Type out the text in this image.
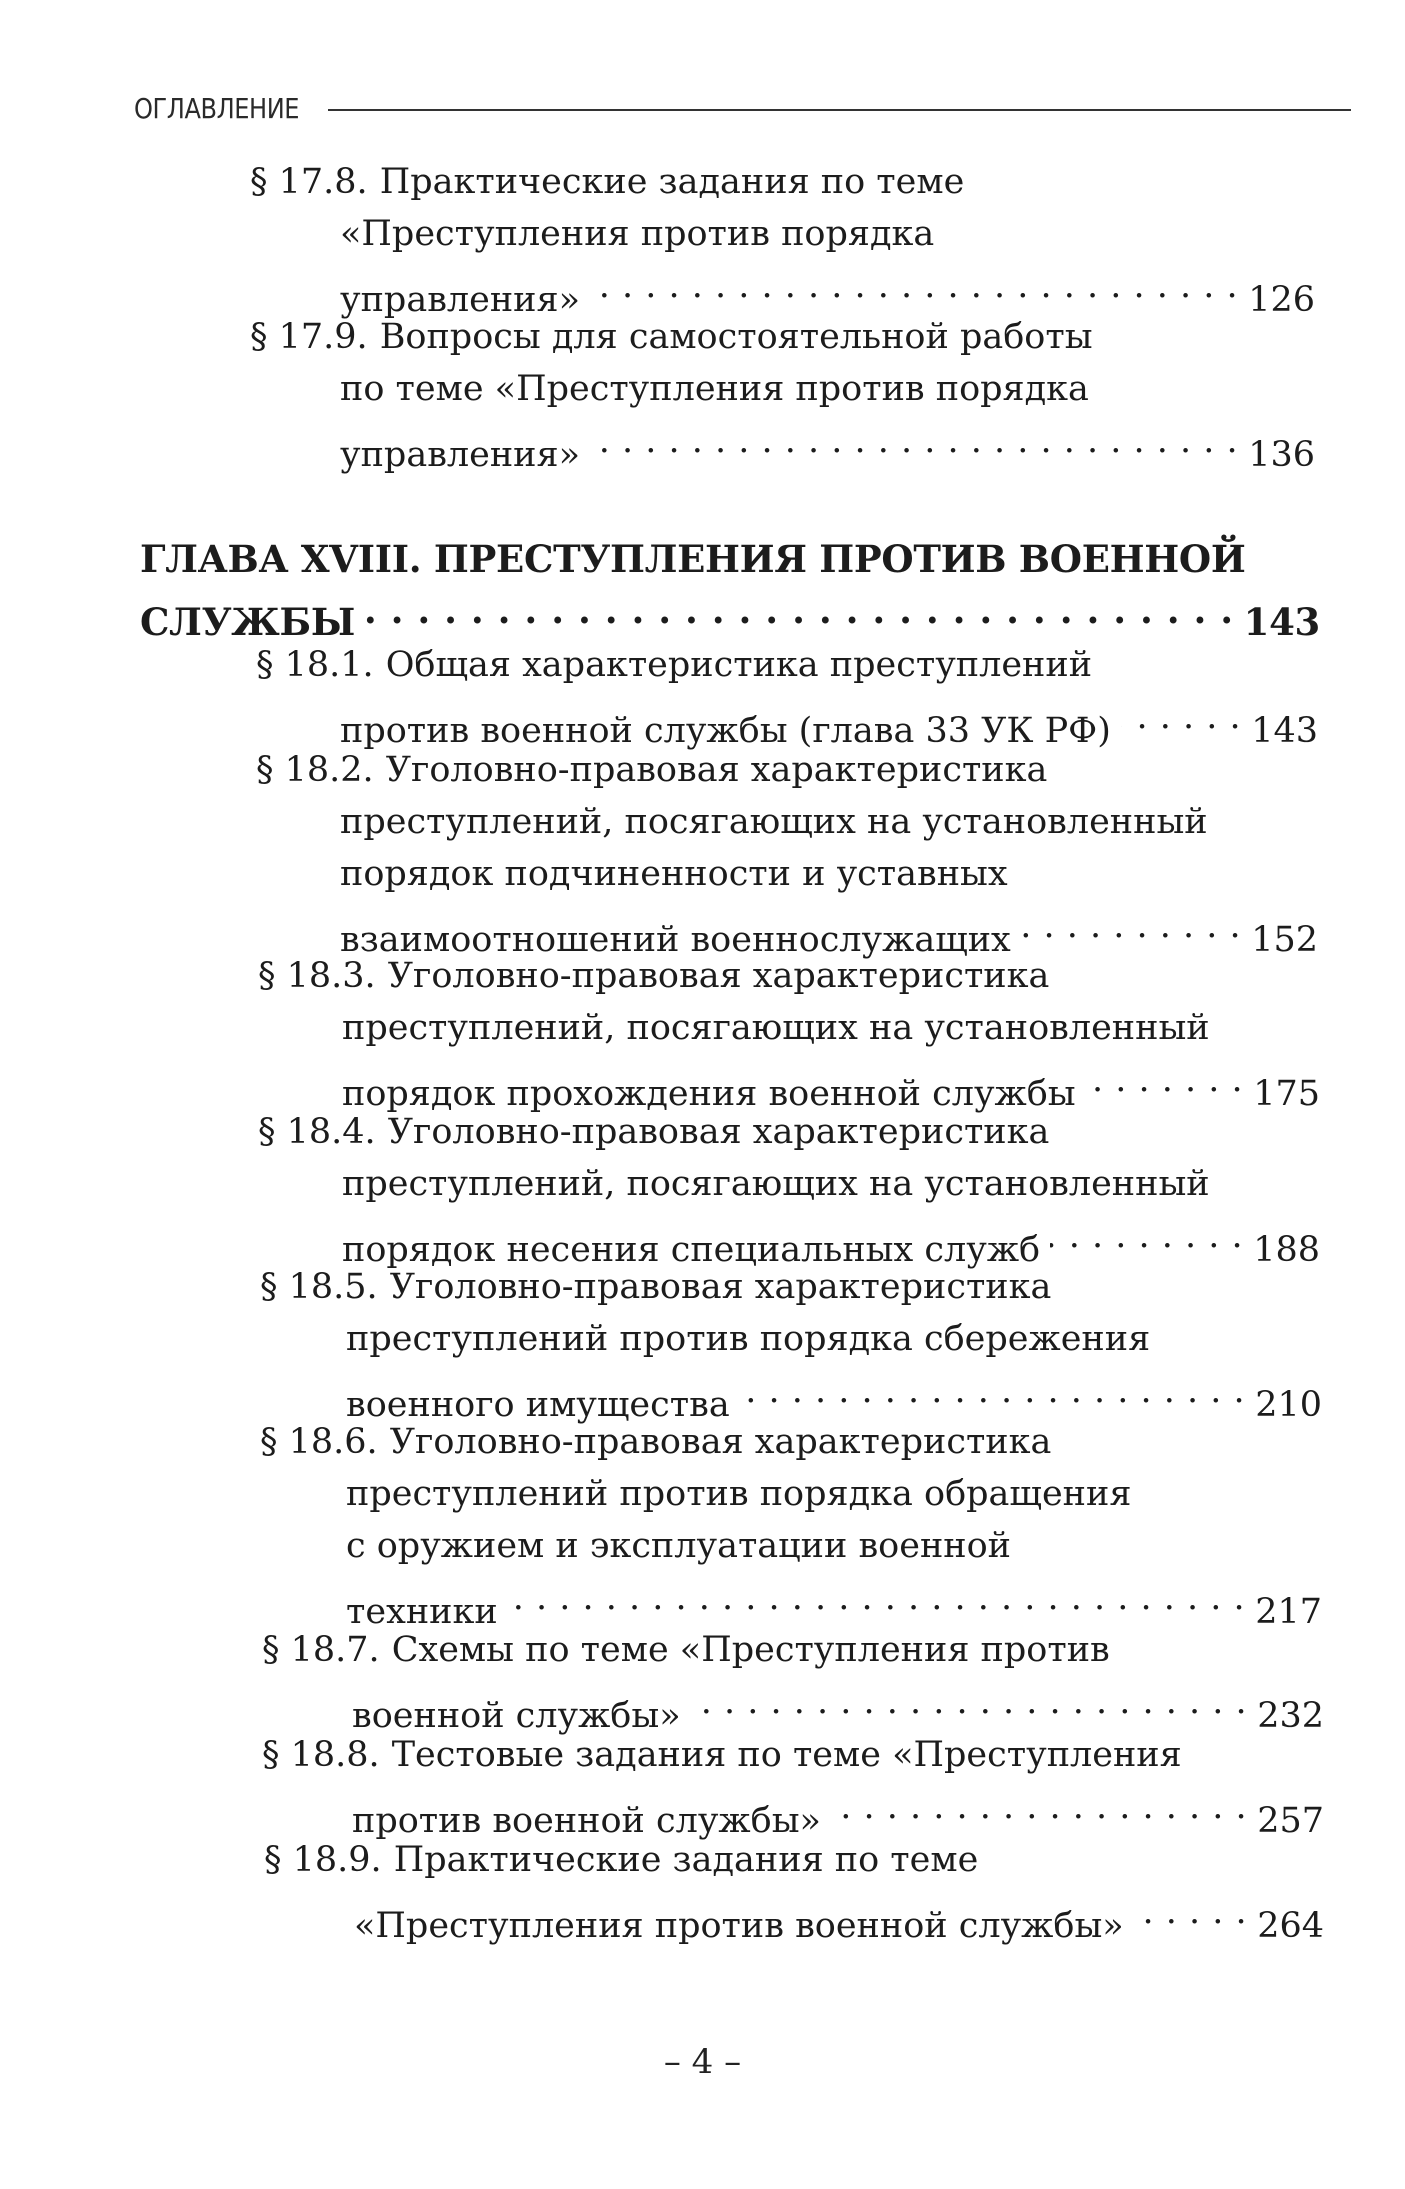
ОГЛАВЛЕНИЕ
ГЛАВА XVIII. ПРЕСТУПЛЕНИЯ ПРОТИВ ВОЕННОЙ
СЛУЖБЫ . . .	143
§ 17.8. Практические задания по теме
«Преступления против порядка
управления» . . .	126
§ 17.9. Вопросы для самостоятельной работы
по теме «Преступления против порядка
управления» . . .	136
§ 18.1. Общая характеристика преступлений
против военной службы (глава 33 УК РФ) . . .	143
§ 18.2. Уголовно-правовая характеристика
преступлений, посягающих на установленный
порядок подчиненности и уставных
взаимоотношений военнослужащих . . .	152
§ 18.3. Уголовно-правовая характеристика
преступлений, посягающих на установленный
порядок прохождения военной службы . . .	175
§ 18.4. Уголовно-правовая характеристика
преступлений, посягающих на установленный
порядок несения специальных служб . . .	188
§ 18.5. Уголовно-правовая характеристика
преступлений против порядка сбережения
военного имущества . . .	210
§ 18.6. Уголовно-правовая характеристика
преступлений против порядка обращения
с оружием и эксплуатации военной
техники . . .	217
§ 18.7. Схемы по теме «Преступления против
военной службы» . . .	232
§ 18.8. Тестовые задания по теме «Преступления
против военной службы» . . .	257
§ 18.9. Практические задания по теме
«Преступления против военной службы» . . .	264
– 4 –
